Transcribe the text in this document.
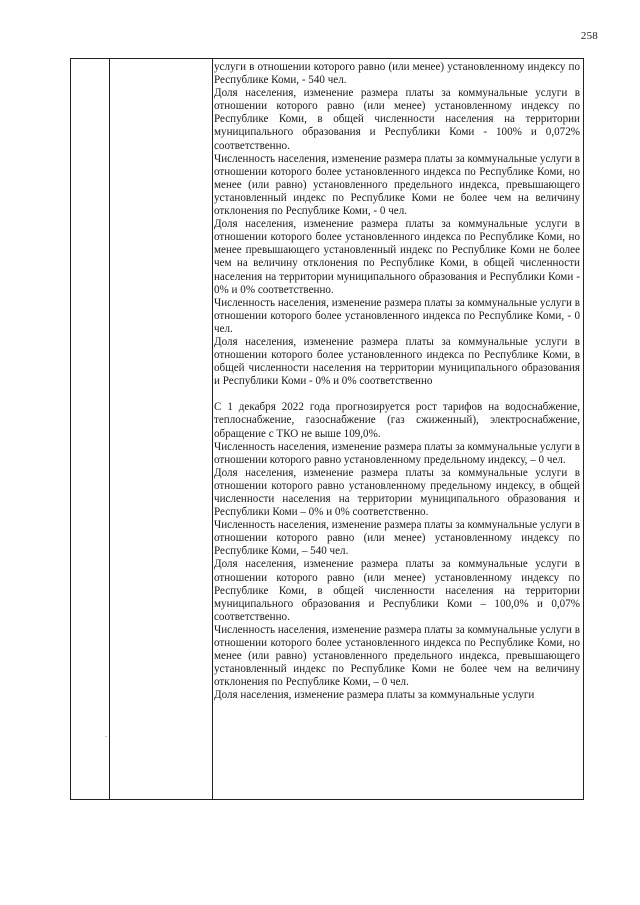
258
.

услуги в отношении которого равно (или менее) установленному индексу по Республике Коми, - 540 чел.

Доля населения, изменение размера платы за коммунальные услуги в отношении которого равно (или менее) установленному индексу по Республике Коми, в общей численности населения на территории муниципального образования и Республики Коми - 100% и 0,072% соответственно.

Численность населения, изменение размера платы за коммунальные услуги в отношении которого более установленного индекса по Республике Коми, но менее (или равно) установленного предельного индекса, превышающего установленный индекс по Республике Коми не более чем на величину отклонения по Республике Коми, - 0 чел.

Доля населения, изменение размера платы за коммунальные услуги в отношении которого более установленного индекса по Республике Коми, но менее превышающего установленный индекс по Республике Коми не более чем на величину отклонения по Республике Коми, в общей численности населения на территории муниципального образования и Республики Коми - 0% и 0% соответственно.

Численность населения, изменение размера платы за коммунальные услуги в отношении которого более установленного индекса по Республике Коми, - 0 чел.

Доля населения, изменение размера платы за коммунальные услуги в отношении которого более установленного индекса по Республике Коми, в общей численности населения на территории муниципального образования и Республики Коми - 0% и 0% соответственно

С 1 декабря 2022 года прогнозируется рост тарифов на водоснабжение, теплоснабжение, газоснабжение (газ сжиженный), электроснабжение, обращение с ТКО не выше 109,0%.

Численность населения, изменение размера платы за коммунальные услуги в отношении которого равно установленному предельному индексу, – 0 чел.

Доля населения, изменение размера платы за коммунальные услуги в отношении которого равно установленному предельному индексу, в общей численности населения на территории муниципального образования и Республики Коми – 0% и 0% соответственно.

Численность населения, изменение размера платы за коммунальные услуги в отношении которого равно (или менее) установленному индексу по Республике Коми, – 540 чел.

Доля населения, изменение размера платы за коммунальные услуги в отношении которого равно (или менее) установленному индексу по Республике Коми, в общей численности населения на территории муниципального образования и Республики Коми – 100,0% и 0,07% соответственно.

Численность населения, изменение размера платы за коммунальные услуги в отношении которого более установленного индекса по Республике Коми, но менее (или равно) установленного предельного индекса, превышающего установленный индекс по Республике Коми не более чем на величину отклонения по Республике Коми, – 0 чел.

Доля населения, изменение размера платы за коммунальные услуги
